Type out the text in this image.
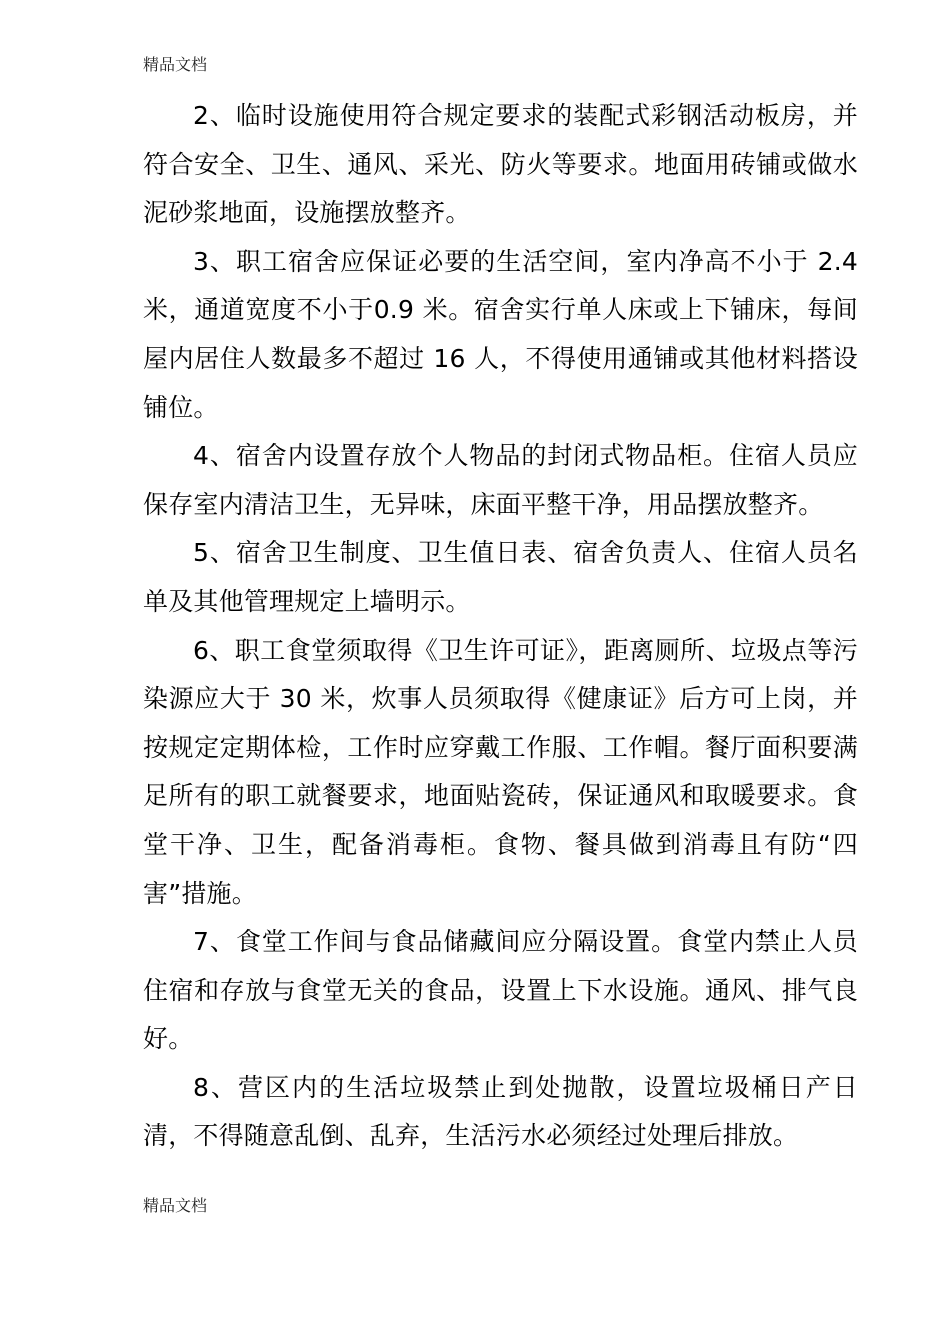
精品文档

2、临时设施使用符合规定要求的装配式彩钢活动板房，并符合安全、卫生、通风、采光、防火等要求。地面用砖铺或做水泥砂浆地面，设施摆放整齐。

3、职工宿舍应保证必要的生活空间，室内净高不小于 2.4 米，通道宽度不小于0.9 米。宿舍实行单人床或上下铺床，每间屋内居住人数最多不超过 16 人，不得使用通铺或其他材料搭设铺位。

4、宿舍内设置存放个人物品的封闭式物品柜。住宿人员应保存室内清洁卫生，无异味，床面平整干净，用品摆放整齐。

5、宿舍卫生制度、卫生值日表、宿舍负责人、住宿人员名单及其他管理规定上墙明示。

6、职工食堂须取得《卫生许可证》，距离厕所、垃圾点等污染源应大于 30 米，炊事人员须取得《健康证》后方可上岗，并按规定定期体检，工作时应穿戴工作服、工作帽。餐厅面积要满足所有的职工就餐要求，地面贴瓷砖，保证通风和取暖要求。食堂干净、卫生，配备消毒柜。食物、餐具做到消毒且有防“四害”措施。

7、食堂工作间与食品储藏间应分隔设置。食堂内禁止人员住宿和存放与食堂无关的食品，设置上下水设施。通风、排气良好。

8、营区内的生活垃圾禁止到处抛散，设置垃圾桶日产日清，不得随意乱倒、乱弃，生活污水必须经过处理后排放。

精品文档
